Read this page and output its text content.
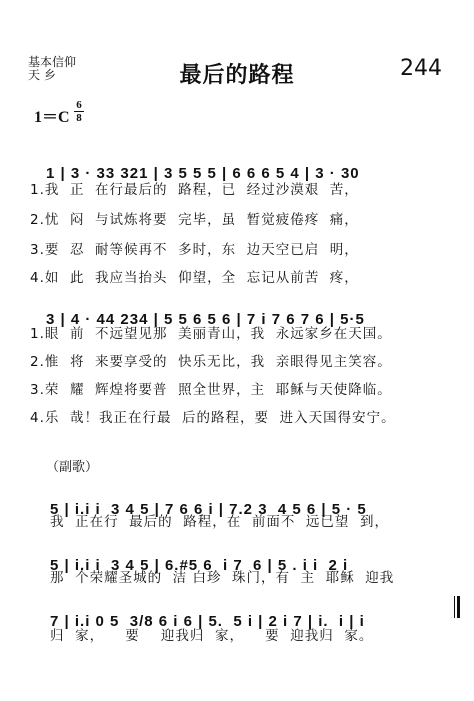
基本信仰
天 乡	最后的路程	244
1＝C
6
8

1 | 3 · 33 321 | 3 5 5 5 | 6 6 6 5 4 | 3 · 30

1.我  正  在行最后的  路程，已  经过沙漠艰  苦，
2.忧  闷  与试炼将要  完毕，虽  暂觉疲倦疼  痛，
3.要  忍  耐等候再不  多时，东  边天空已启  明，
4.如  此  我应当抬头  仰望，全  忘记从前苦  疼，

3 | 4 · 44 234 | 5 5 6 5 6 | 7 i 7 6 7 6 | 5·5

1.眼  前  不远望见那  美丽青山，我  永远家乡在天国。
2.惟  将  来要享受的  快乐无比，我  亲眼得见主笑容。
3.荣  耀  辉煌将要普  照全世界，主  耶稣与天使降临。
4.乐  哉！我正在行最  后的路程，要  进入天国得安宁。
（副歌）

5 | i.i i  3 4 5 | 7 6 6 i | 7.2 3  4 5 6 | 5 · 5

我  正在行  最后的  路程，在  前面不  远已望  到，

5 | i.i i  3 4 5 | 6.#5 6  i 7  6 | 5 . i i  2 i

那  个荣耀圣城的  洁 白珍  珠门，有  主  耶稣  迎我

7 | i.i 0 5  3/8 6 i 6 | 5.  5 i | 2 i 7 | i.  i | i

归  家，    要    迎我归  家，    要  迎我归  家。
